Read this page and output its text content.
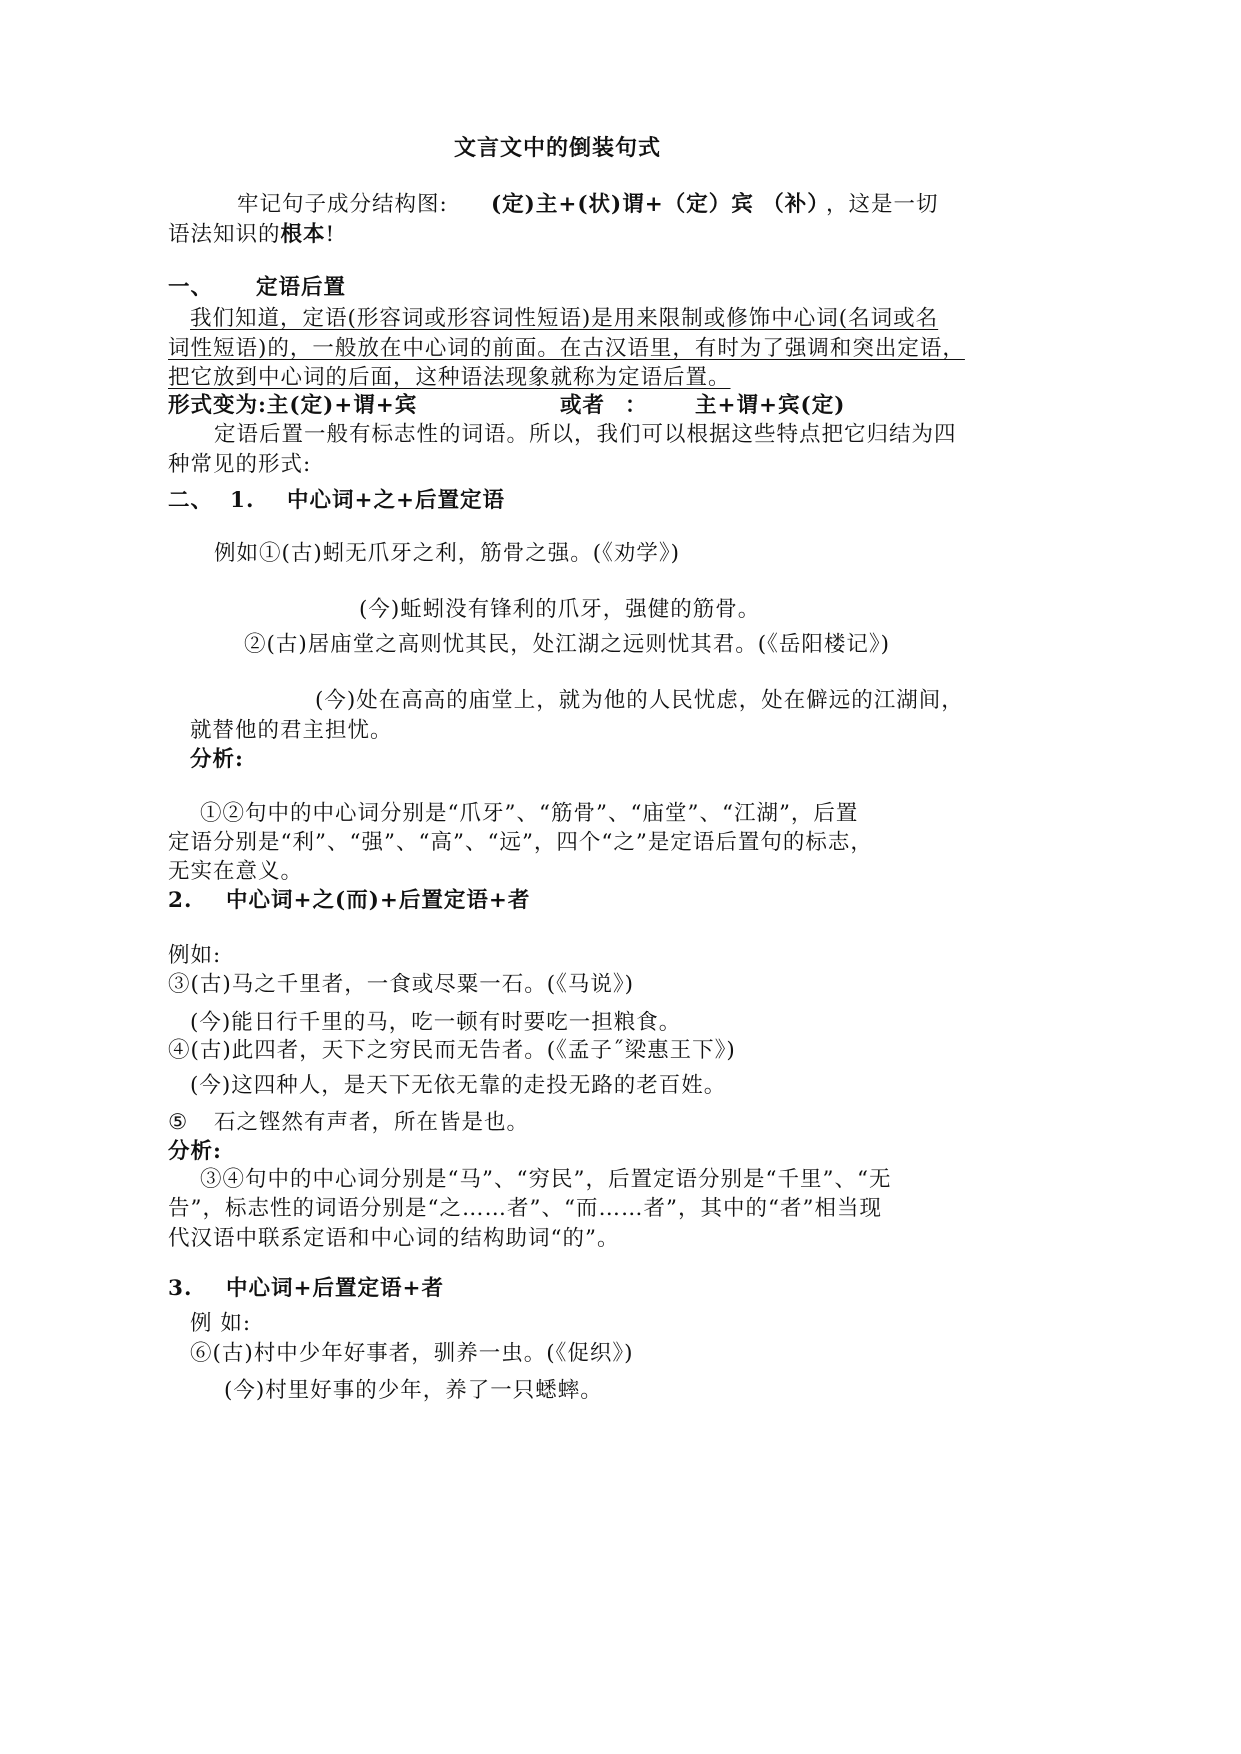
文言文中的倒装句式
牢记句子成分结构图: (定)主+(状)谓+（定）宾 （补）
，这是一切
语法知识的根本!
一、 定语后置
我们知道，定语(形容词或形容词性短语)是用来限制或修饰中心词(名词或名
词性短语)的，一般放在中心词的前面。在古汉语里，有时为了强调和突出定语，
把它放到中心词的后面，这种语法现象就称为定语后置。
形式变为:主(定)+谓+宾	或者 ： 主+谓+宾(定)
定语后置一般有标志性的词语。所以，我们可以根据这些特点把它归结为四
种常见的形式:
二、 1. 中心词+之+后置定语
例如①(古)蚓无爪牙之利，筋骨之强。(《劝学》)
(今)蚯蚓没有锋利的爪牙，强健的筋骨。
②(古)居庙堂之高则忧其民，处江湖之远则忧其君。(《岳阳楼记》)
(今)处在高高的庙堂上，就为他的人民忧虑，处在僻远的江湖间，
就替他的君主担忧。
分析:
①②句中的中心词分别是“爪牙”、“筋骨”、“庙堂”、“江湖”，后置
定语分别是“利”、“强”、“高”、“远”，四个“之”是定语后置句的标志，
无实在意义。
2. 中心词+之(而)+后置定语+者
例如:
③(古)马之千里者，一食或尽粟一石。(《马说》)
(今)能日行千里的马，吃一顿有时要吃一担粮食。
④(古)此四者，天下之穷民而无告者。(《孟子˝梁惠王下》)
(今)这四种人，是天下无依无靠的走投无路的老百姓。
⑤ 石之铿然有声者，所在皆是也。
分析:
③④句中的中心词分别是“马”、“穷民”，后置定语分别是“千里”、“无
告”，标志性的词语分别是“之……者”、“而……者”，其中的“者”相当现
代汉语中联系定语和中心词的结构助词“的”。
3. 中心词+后置定语+者
例 如:
⑥(古)村中少年好事者，驯养一虫。(《促织》)
(今)村里好事的少年，养了一只蟋蟀。
